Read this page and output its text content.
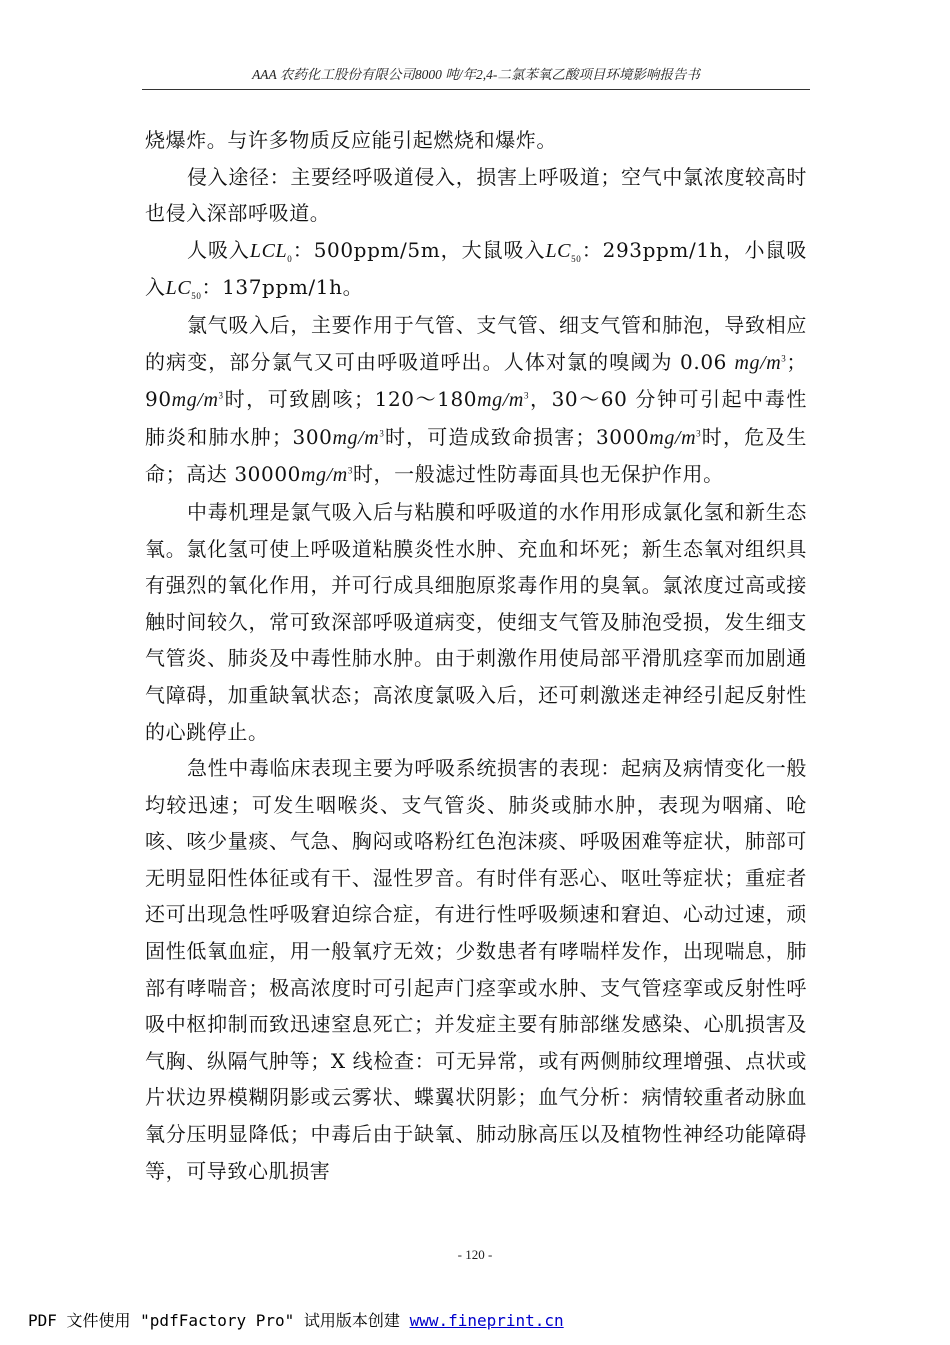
AAA 农药化工股份有限公司8000 吨/年2,4-二氯苯氧乙酸项目环境影响报告书

烧爆炸。与许多物质反应能引起燃烧和爆炸。

侵入途径：主要经呼吸道侵入，损害上呼吸道；空气中氯浓度较高时也侵入深部呼吸道。

人吸入$LCL_0$：500ppm/5m，大鼠吸入$LC_{50}$：293ppm/1h，小鼠吸入$LC_{50}$：137ppm/1h。

氯气吸入后，主要作用于气管、支气管、细支气管和肺泡，导致相应的病变，部分氯气又可由呼吸道呼出。人体对氯的嗅阈为 0.06 $mg/m^3$；$90mg/m^3$时，可致剧咳；$120\sim 180mg/m^3$，30～60 分钟可引起中毒性肺炎和肺水肿；$300mg/m^3$时，可造成致命损害；$3000mg/m^3$时，危及生命；高达 $30000mg/m^3$时，一般滤过性防毒面具也无保护作用。

中毒机理是氯气吸入后与粘膜和呼吸道的水作用形成氯化氢和新生态氧。氯化氢可使上呼吸道粘膜炎性水肿、充血和坏死；新生态氧对组织具有强烈的氧化作用，并可行成具细胞原浆毒作用的臭氧。氯浓度过高或接触时间较久，常可致深部呼吸道病变，使细支气管及肺泡受损，发生细支气管炎、肺炎及中毒性肺水肿。由于刺激作用使局部平滑肌痉挛而加剧通气障碍，加重缺氧状态；高浓度氯吸入后，还可刺激迷走神经引起反射性的心跳停止。

急性中毒临床表现主要为呼吸系统损害的表现：起病及病情变化一般均较迅速；可发生咽喉炎、支气管炎、肺炎或肺水肿，表现为咽痛、呛咳、咳少量痰、气急、胸闷或咯粉红色泡沫痰、呼吸困难等症状，肺部可无明显阳性体征或有干、湿性罗音。有时伴有恶心、呕吐等症状；重症者还可出现急性呼吸窘迫综合症，有进行性呼吸频速和窘迫、心动过速，顽固性低氧血症，用一般氧疗无效；少数患者有哮喘样发作，出现喘息，肺部有哮喘音；极高浓度时可引起声门痉挛或水肿、支气管痉挛或反射性呼吸中枢抑制而致迅速窒息死亡；并发症主要有肺部继发感染、心肌损害及气胸、纵隔气肿等；X 线检查：可无异常，或有两侧肺纹理增强、点状或片状边界模糊阴影或云雾状、蝶翼状阴影；血气分析：病情较重者动脉血氧分压明显降低；中毒后由于缺氧、肺动脉高压以及植物性神经功能障碍等，可导致心肌损害

- 120 -
PDF 文件使用 "pdfFactory Pro" 试用版本创建 www.fineprint.cn
